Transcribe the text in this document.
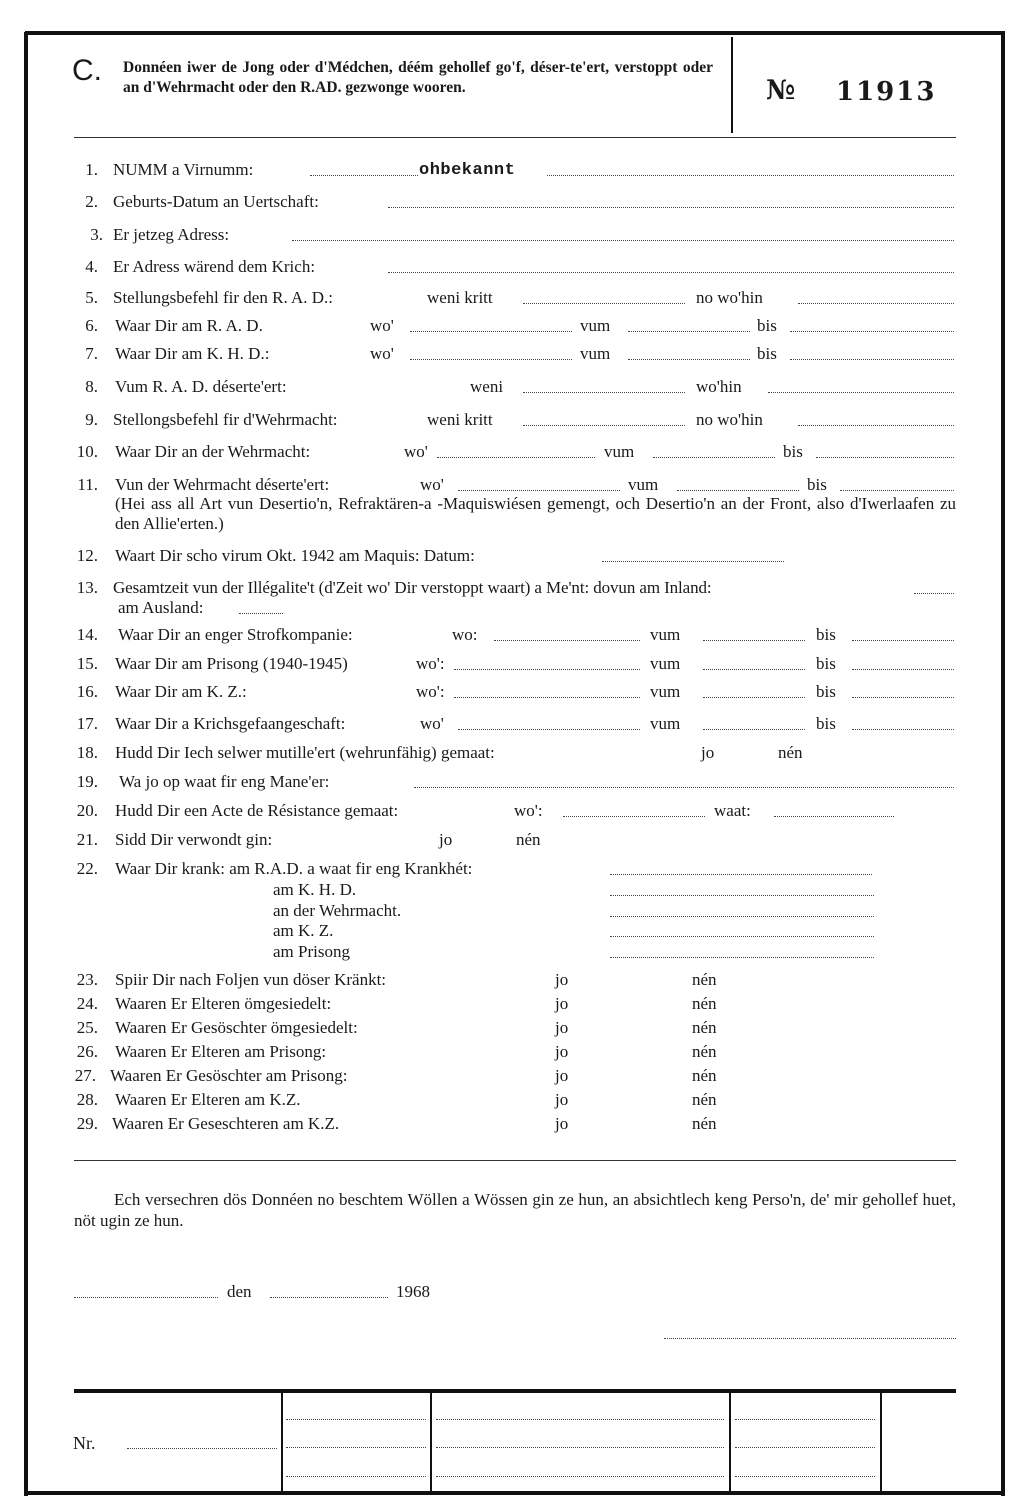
C. Donnéen iwer de Jong oder d'Médchen, déém gehollef go'f, déser-te'ert, verstoppt oder an d'Wehrmacht oder den R.AD. gezwonge wooren.	№ 11913
1. NUMM a Virnumm:	ohbekannt
2. Geburts-Datum an Uertschaft:
3. Er jetzeg Adress:
4. Er Adress wärend dem Krich:
5. Stellungsbefehl fir den R. A. D.:	weni kritt	no wo'hin
6. Waar Dir am R. A. D.	wo'	vum	bis
7. Waar Dir am K. H. D.:	wo'	vum	bis
8. Vum R. A. D. déserte'ert:	weni	wo'hin
9. Stellongsbefehl fir d'Wehrmacht:	weni kritt	no wo'hin
10. Waar Dir an der Wehrmacht:	wo'	vum	bis
11. Vun der Wehrmacht déserte'ert:	wo'	vum	bis
(Hei ass all Art vun Desertio'n, Refraktären-a -Maquiswiésen gemengt, och Desertio'n an der Front, also d'Iwerlaafen zu den Allie'erten.)
12. Waart Dir scho virum Okt. 1942 am Maquis: Datum:
13. Gesamtzeit vun der Illégalite't (d'Zeit wo' Dir verstoppt waart) a Me'nt: dovun am Inland:
am Ausland:
14. Waar Dir an enger Strofkompanie:	wo:	vum	bis
15. Waar Dir am Prisong (1940-1945)	wo':	vum	bis
16. Waar Dir am K. Z.:	wo':	vum	bis
17. Waar Dir a Krichsgefaangeschaft:	wo'	vum	bis
18. Hudd Dir Iech selwer mutille'ert (wehrunfähig) gemaat:	jo	nén
19. Wa jo op waat fir eng Mane'er:
20. Hudd Dir een Acte de Résistance gemaat:	wo':	waat:
21. Sidd Dir verwondt gin:	jo	nén
22. Waar Dir krank: am R.A.D. a waat fir eng Krankhét:
am K. H. D.
an der Wehrmacht.
am K. Z.
am Prisong
23. Spiir Dir nach Foljen vun döser Kränkt:	jo	nén
24. Waaren Er Elteren ömgesiedelt:	jo	nén
25. Waaren Er Gesöschter ömgesiedelt:	jo	nén
26. Waaren Er Elteren am Prisong:	jo	nén
27. Waaren Er Gesöschter am Prisong:	jo	nén
28. Waaren Er Elteren am K.Z.	jo	nén
29. Waaren Er Geseschteren am K.Z.	jo	nén
Ech versechren dös Donnéen no beschtem Wöllen a Wössen gin ze hun, an absichtlech keng Perso'n, de' mir gehollef huet, nöt ugin ze hun.
den	1968
Nr.
